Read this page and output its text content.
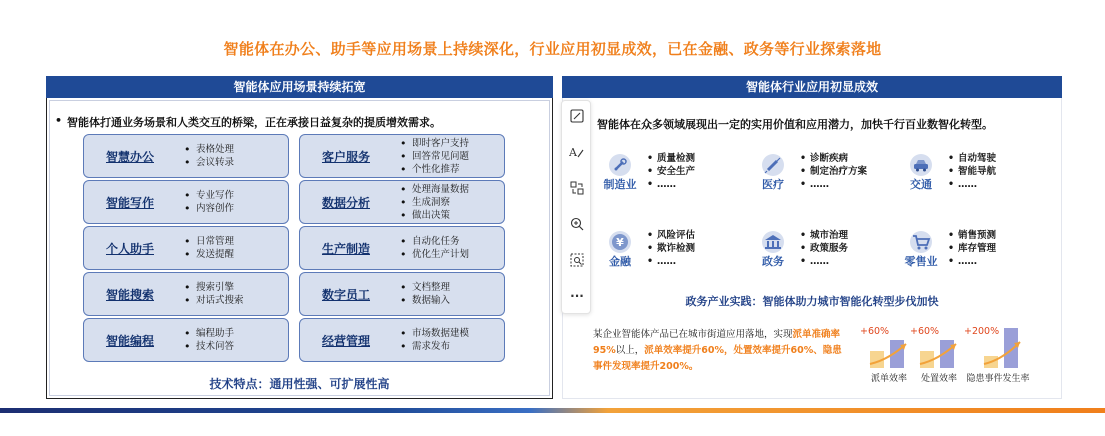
智能体在办公、助手等应用场景上持续深化，行业应用初显成效，已在金融、政务等行业探索落地
智能体应用场景持续拓宽
• 智能体打通业务场景和人类交互的桥梁，正在承接日益复杂的提质增效需求。
智慧办公	• 表格处理
• 会议转录	客户服务
• 即时客户支持
• 回答常见问题
• 个性化推荐
智能写作	• 专业写作
• 内容创作	数据分析
• 处理海量数据
• 生成洞察
• 做出决策
个人助手	• 日常管理
• 发送提醒	生产制造	• 自动化任务
• 优化生产计划
智能搜索	• 搜索引擎
• 对话式搜索	数字员工	• 文档整理
• 数据输入
智能编程	• 编程助手
• 技术问答	经营管理	• 市场数据建模
• 需求发布
技术特点：通用性强、可扩展性高
智能体行业应用初显成效
智能体在众多领域展现出一定的实用价值和应用潜力，加快千行百业数智化转型。
制造业
• 质量检测
• 安全生产
• ……	医疗
• 诊断疾病
• 制定治疗方案
• ……	交通
• 自动驾驶
• 智能导航
• ……
¥
金融
• 风险评估
• 欺诈检测
• ……	政务
• 城市治理
• 政策服务
• ……	零售业
• 销售预测
• 库存管理
• ……
政务产业实践：智能体助力城市智能化转型步伐加快
某企业智能体产品已在城市街道应用落地，实现派单准确率95%以上，派单效率提升60%，处置效率提升60%、隐患事件发现率提升200%。
+60%
派单效率
+60%
处置效率
+200%
隐患事件发生率
A
···
